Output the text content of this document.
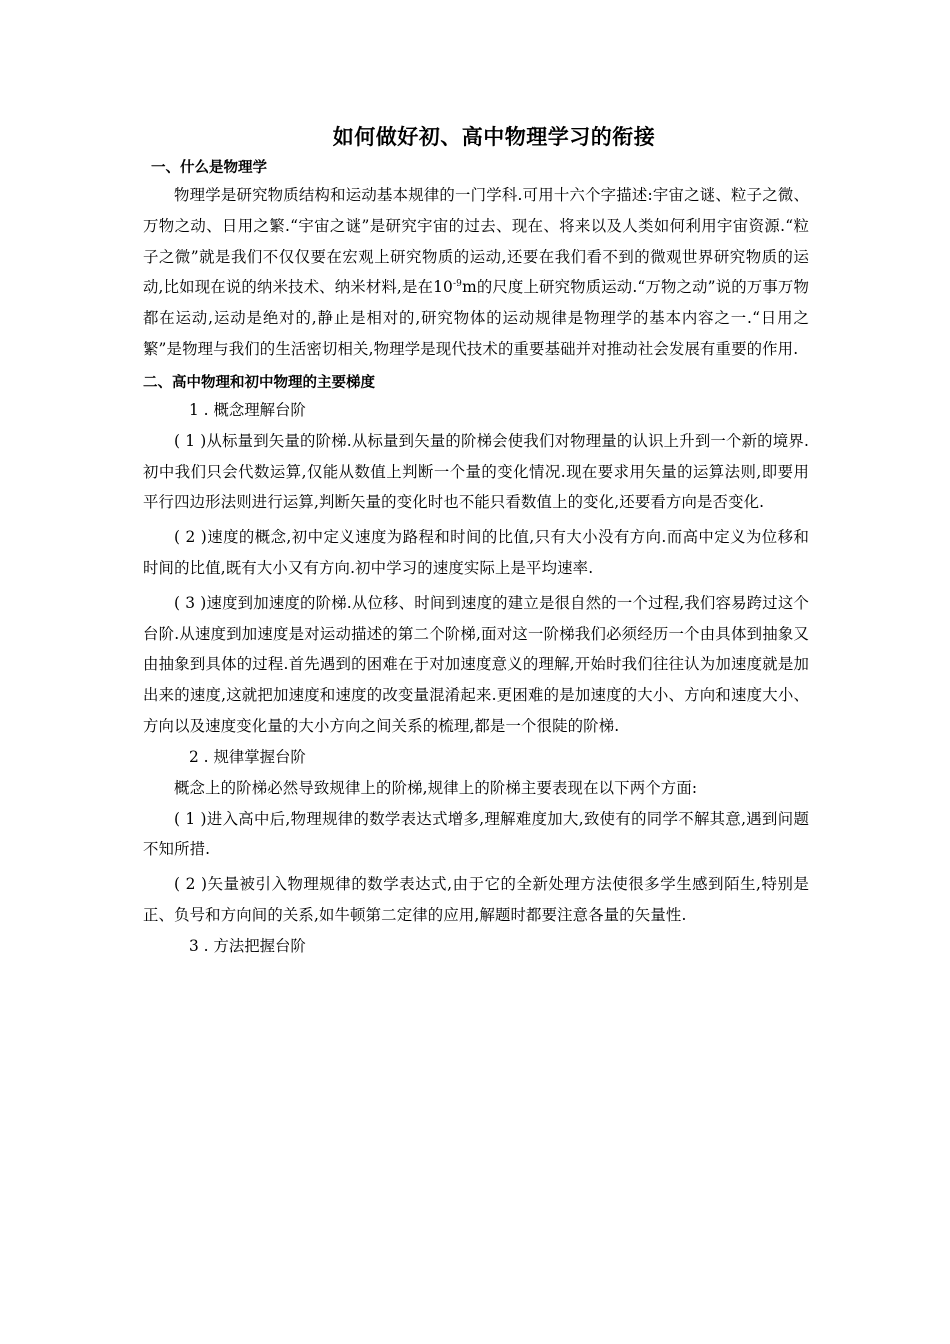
如何做好初、高中物理学习的衔接
一、什么是物理学

物理学是研究物质结构和运动基本规律的一门学科.可用十六个字描述:宇宙之谜、粒子之微、万物之动、日用之繁.“宇宙之谜”是研究宇宙的过去、现在、将来以及人类如何利用宇宙资源.“粒子之微”就是我们不仅仅要在宏观上研究物质的运动,还要在我们看不到的微观世界研究物质的运动,比如现在说的纳米技术、纳米材料,是在$10^{-9}m$的尺度上研究物质运动.“万物之动”说的万事万物都在运动,运动是绝对的,静止是相对的,研究物体的运动规律是物理学的基本内容之一.“日用之繁”是物理与我们的生活密切相关,物理学是现代技术的重要基础并对推动社会发展有重要的作用.

二、高中物理和初中物理的主要梯度

1 . 概念理解台阶

( 1 )从标量到矢量的阶梯.从标量到矢量的阶梯会使我们对物理量的认识上升到一个新的境界.初中我们只会代数运算,仅能从数值上判断一个量的变化情况.现在要求用矢量的运算法则,即要用平行四边形法则进行运算,判断矢量的变化时也不能只看数值上的变化,还要看方向是否变化.

( 2 )速度的概念,初中定义速度为路程和时间的比值,只有大小没有方向.而高中定义为位移和时间的比值,既有大小又有方向.初中学习的速度实际上是平均速率.

( 3 )速度到加速度的阶梯.从位移、时间到速度的建立是很自然的一个过程,我们容易跨过这个台阶.从速度到加速度是对运动描述的第二个阶梯,面对这一阶梯我们必须经历一个由具体到抽象又由抽象到具体的过程.首先遇到的困难在于对加速度意义的理解,开始时我们往往认为加速度就是加出来的速度,这就把加速度和速度的改变量混淆起来.更困难的是加速度的大小、方向和速度大小、方向以及速度变化量的大小方向之间关系的梳理,都是一个很陡的阶梯.

2 . 规律掌握台阶

概念上的阶梯必然导致规律上的阶梯,规律上的阶梯主要表现在以下两个方面:

( 1 )进入高中后,物理规律的数学表达式增多,理解难度加大,致使有的同学不解其意,遇到问题不知所措.

( 2 )矢量被引入物理规律的数学表达式,由于它的全新处理方法使很多学生感到陌生,特别是正、负号和方向间的关系,如牛顿第二定律的应用,解题时都要注意各量的矢量性.

3 . 方法把握台阶
